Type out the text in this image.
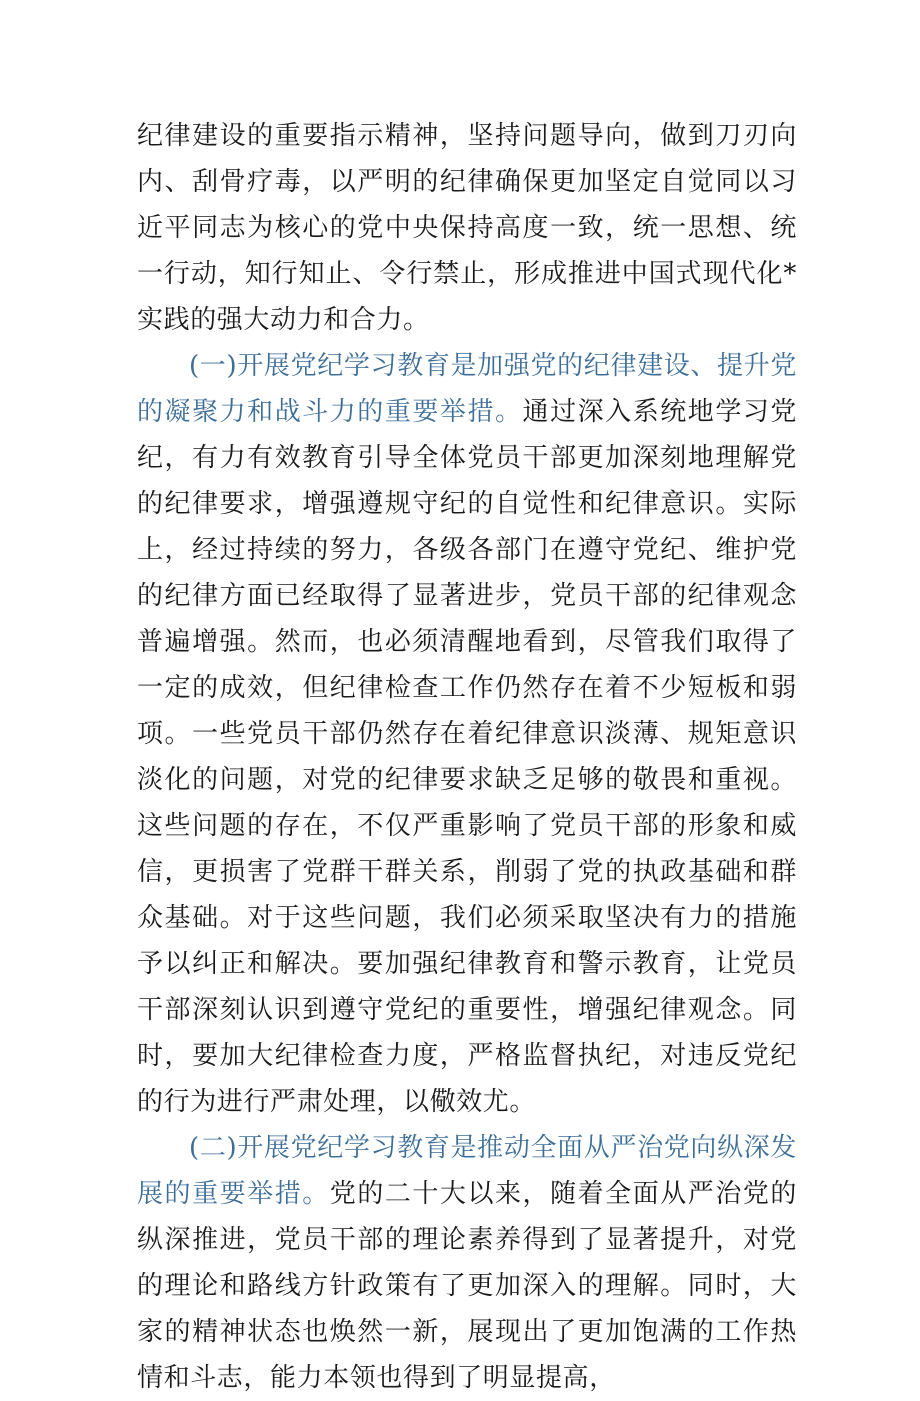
纪律建设的重要指示精神，坚持问题导向，做到刀刃向内、刮骨疗毒，以严明的纪律确保更加坚定自觉同以习近平同志为核心的党中央保持高度一致，统一思想、统一行动，知行知止、令行禁止，形成推进中国式现代化*实践的强大动力和合力。

(一)开展党纪学习教育是加强党的纪律建设、提升党的凝聚力和战斗力的重要举措。通过深入系统地学习党纪，有力有效教育引导全体党员干部更加深刻地理解党的纪律要求，增强遵规守纪的自觉性和纪律意识。实际上，经过持续的努力，各级各部门在遵守党纪、维护党的纪律方面已经取得了显著进步，党员干部的纪律观念普遍增强。然而，也必须清醒地看到，尽管我们取得了一定的成效，但纪律检查工作仍然存在着不少短板和弱项。一些党员干部仍然存在着纪律意识淡薄、规矩意识淡化的问题，对党的纪律要求缺乏足够的敬畏和重视。这些问题的存在，不仅严重影响了党员干部的形象和威信，更损害了党群干群关系，削弱了党的执政基础和群众基础。对于这些问题，我们必须采取坚决有力的措施予以纠正和解决。要加强纪律教育和警示教育，让党员干部深刻认识到遵守党纪的重要性，增强纪律观念。同时，要加大纪律检查力度，严格监督执纪，对违反党纪的行为进行严肃处理，以儆效尤。

(二)开展党纪学习教育是推动全面从严治党向纵深发展的重要举措。党的二十大以来，随着全面从严治党的纵深推进，党员干部的理论素养得到了显著提升，对党的理论和路线方针政策有了更加深入的理解。同时，大家的精神状态也焕然一新，展现出了更加饱满的工作热情和斗志，能力本领也得到了明显提高，
